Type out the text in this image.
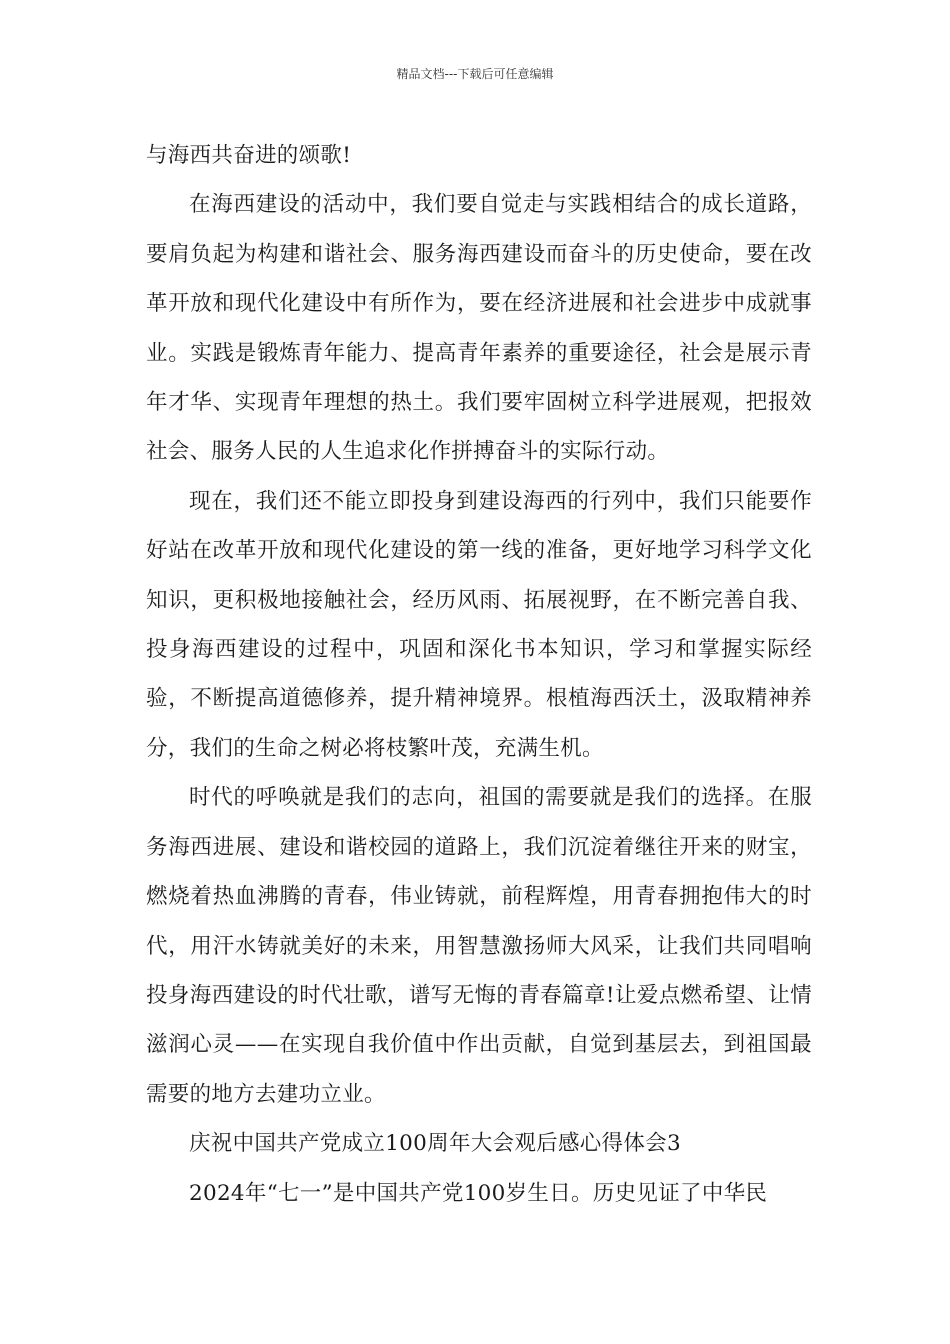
精品文档---下载后可任意编辑

与海西共奋进的颂歌!

在海西建设的活动中，我们要自觉走与实践相结合的成长道路，要肩负起为构建和谐社会、服务海西建设而奋斗的历史使命，要在改革开放和现代化建设中有所作为，要在经济进展和社会进步中成就事业。实践是锻炼青年能力、提高青年素养的重要途径，社会是展示青年才华、实现青年理想的热土。我们要牢固树立科学进展观，把报效社会、服务人民的人生追求化作拼搏奋斗的实际行动。

现在，我们还不能立即投身到建设海西的行列中，我们只能要作好站在改革开放和现代化建设的第一线的准备，更好地学习科学文化知识，更积极地接触社会，经历风雨、拓展视野，在不断完善自我、投身海西建设的过程中，巩固和深化书本知识，学习和掌握实际经验，不断提高道德修养，提升精神境界。根植海西沃土，汲取精神养分，我们的生命之树必将枝繁叶茂，充满生机。

时代的呼唤就是我们的志向，祖国的需要就是我们的选择。在服务海西进展、建设和谐校园的道路上，我们沉淀着继往开来的财宝，燃烧着热血沸腾的青春，伟业铸就，前程辉煌，用青春拥抱伟大的时代，用汗水铸就美好的未来，用智慧激扬师大风采，让我们共同唱响投身海西建设的时代壮歌，谱写无悔的青春篇章!让爱点燃希望、让情滋润心灵——在实现自我价值中作出贡献，自觉到基层去，到祖国最需要的地方去建功立业。

庆祝中国共产党成立100周年大会观后感心得体会3

2024年“七一”是中国共产党100岁生日。历史见证了中华民
